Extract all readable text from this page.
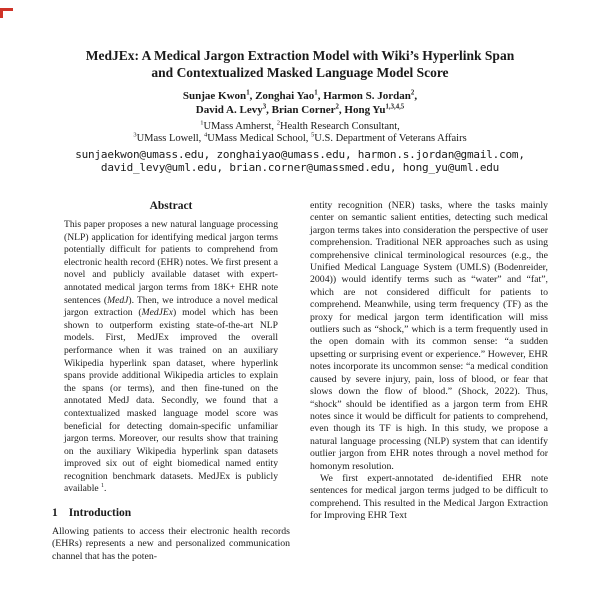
MedJEx: A Medical Jargon Extraction Model with Wiki’s Hyperlink Span
and Contextualized Masked Language Model Score
Sunjae Kwon$^1$, Zonghai Yao$^1$, Harmon S. Jordan$^2$,
David A. Levy$^3$, Brian Corner$^2$, Hong Yu$^{1,3,4,5}$
$^1$UMass Amherst, $^2$Health Research Consultant,
$^3$UMass Lowell, $^4$UMass Medical School, $^5$U.S. Department of Veterans Affairs
sunjaekwon@umass.edu, zonghaiyao@umass.edu, harmon.s.jordan@gmail.com,
david_levy@uml.edu, brian.corner@umassmed.edu, hong_yu@uml.edu
Abstract

This paper proposes a new natural language processing (NLP) application for identifying medical jargon terms potentially difficult for patients to comprehend from electronic health record (EHR) notes. We first present a novel and publicly available dataset with expert-annotated medical jargon terms from 18K+ EHR note sentences (MedJ). Then, we introduce a novel medical jargon extraction (MedJEx) model which has been shown to outperform existing state-of-the-art NLP models. First, MedJEx improved the overall performance when it was trained on an auxiliary Wikipedia hyperlink span dataset, where hyperlink spans provide additional Wikipedia articles to explain the spans (or terms), and then fine-tuned on the annotated MedJ data. Secondly, we found that a contextualized masked language model score was beneficial for detecting domain-specific unfamiliar jargon terms. Moreover, our results show that training on the auxiliary Wikipedia hyperlink span datasets improved six out of eight biomedical named entity recognition benchmark datasets. MedJEx is publicly available $^1$.

1 Introduction

Allowing patients to access their electronic health records (EHRs) represents a new and personalized communication channel that has the poten-

entity recognition (NER) tasks, where the tasks mainly center on semantic salient entities, detecting such medical jargon terms takes into consideration the perspective of user comprehension. Traditional NER approaches such as using comprehensive clinical terminological resources (e.g., the Unified Medical Language System (UMLS) (Bodenreider, 2004)) would identify terms such as “water” and “fat”, which are not considered difficult for patients to comprehend. Meanwhile, using term frequency (TF) as the proxy for medical jargon term identification will miss outliers such as “shock,” which is a term frequently used in the open domain with its common sense: “a sudden upsetting or surprising event or experience.” However, EHR notes incorporate its uncommon sense: “a medical condition caused by severe injury, pain, loss of blood, or fear that slows down the flow of blood.” (Shock, 2022). Thus, “shock” should be identified as a jargon term from EHR notes since it would be difficult for patients to comprehend, even though its TF is high. In this study, we propose a natural language processing (NLP) system that can identify outlier jargon from EHR notes through a novel method for homonym resolution.

We first expert-annotated de-identified EHR note sentences for medical jargon terms judged to be difficult to comprehend. This resulted in the Medical Jargon Extraction for Improving EHR Text
